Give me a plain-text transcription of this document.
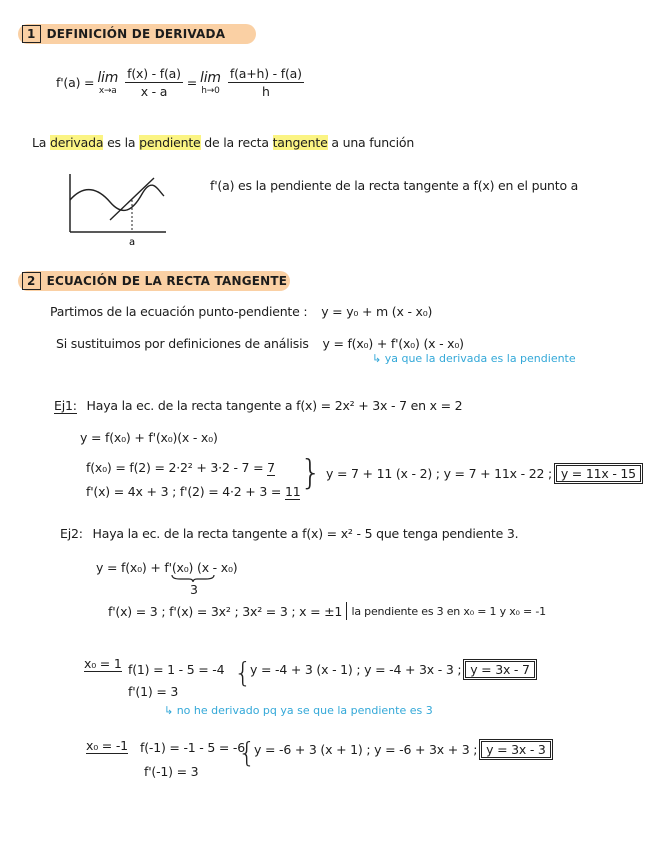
1 DEFINICIÓN DE DERIVADA
f'(a) = lim
$x\to a \frac{f(x) - f(a)}{x - a} = \lim$
$h\to 0 \frac{f(a+h) - f(a)}{h}$
La derivada es la pendiente de la recta tangente a una función
a
f'(a) es la pendiente de la recta tangente a f(x) en el punto a
2 ECUACIÓN DE LA RECTA TANGENTE
Partimos de la ecuación punto-pendiente : y = y₀ + m (x - x₀)
Si sustituimos por definiciones de análisis y = f(x₀) + f'(x₀) (x - x₀)
↳ ya que la derivada es la pendiente
Ej1: Haya la ec. de la recta tangente a f(x) = 2x² + 3x - 7 en x = 2
y = f(x₀) + f'(x₀)(x - x₀)
f(x₀) = f(2) = 2·2² + 3·2 - 7 = 7
f'(x) = 4x + 3 ; f'(2) = 4·2 + 3 = 11 } y = 7 + 11 (x - 2) ; y = 7 + 11x - 22 ; y = 11x - 15
Ej2: Haya la ec. de la recta tangente a f(x) = x² - 5 que tenga pendiente 3.
y = f(x₀) + f'(x₀) (x - x₀)
3
f'(x) = 3 ; f'(x) = 3x² ; 3x² = 3 ; x = ±1 la pendiente es 3 en x₀ = 1 y x₀ = -1
x₀ = 1 f(1) = 1 - 5 = -4
f'(1) = 3
{
y = -4 + 3 (x - 1) ; y = -4 + 3x - 3 ; y = 3x - 7
↳ no he derivado pq ya se que la pendiente es 3
x₀ = -1 f(-1) = -1 - 5 = -6
f'(-1) = 3
{
y = -6 + 3 (x + 1) ; y = -6 + 3x + 3 ; y = 3x - 3
